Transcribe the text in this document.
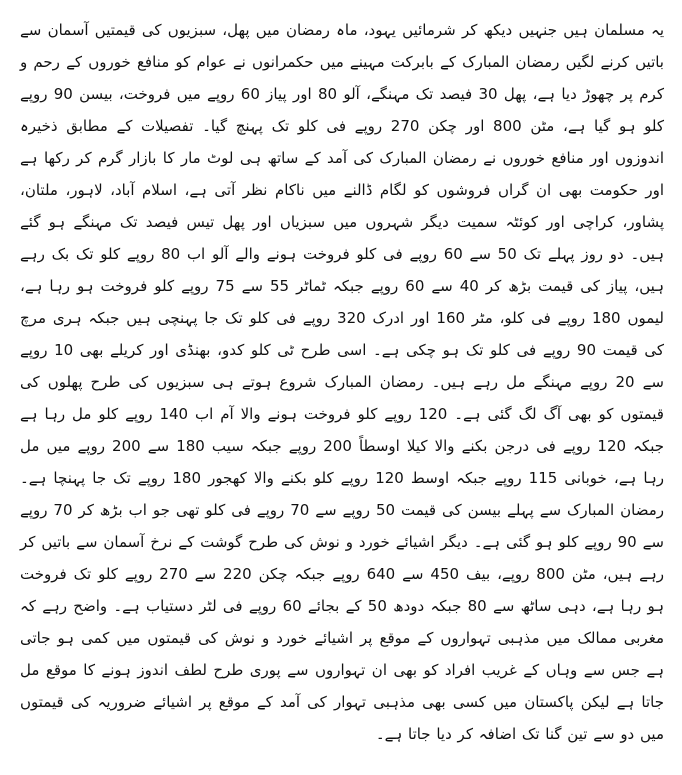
یہ مسلمان ہیں جنہیں دیکھ کر شرمائیں یہود، ماہ رمضان میں پھل، سبزیوں کی قیمتیں آسمان سے باتیں کرنے لگیں رمضان المبارک کے بابرکت مہینے میں حکمرانوں نے عوام کو منافع خوروں کے رحم و کرم پر چھوڑ دیا ہے، پھل 30 فیصد تک مہنگے، آلو 80 اور پیاز 60 روپے میں فروخت، بیسن 90 روپے کلو ہو گیا ہے، مٹن 800 اور چکن 270 روپے فی کلو تک پہنچ گیا۔ تفصیلات کے مطابق ذخیرہ اندوزوں اور منافع خوروں نے رمضان المبارک کی آمد کے ساتھ ہی لوٹ مار کا بازار گرم کر رکھا ہے اور حکومت بھی ان گراں فروشوں کو لگام ڈالنے میں ناکام نظر آتی ہے، اسلام آباد، لاہور، ملتان، پشاور، کراچی اور کوئٹہ سمیت دیگر شہروں میں سبزیاں اور پھل تیس فیصد تک مہنگے ہو گئے ہیں۔ دو روز پہلے تک 50 سے 60 روپے فی کلو فروخت ہونے والے آلو اب 80 روپے کلو تک بک رہے ہیں، پیاز کی قیمت بڑھ کر 40 سے 60 روپے جبکہ ٹماٹر 55 سے 75 روپے کلو فروخت ہو رہا ہے، لیموں 180 روپے فی کلو، مٹر 160 اور ادرک 320 روپے فی کلو تک جا پہنچی ہیں جبکہ ہری مرچ کی قیمت 90 روپے فی کلو تک ہو چکی ہے۔ اسی طرح ٹی کلو کدو، بھنڈی اور کریلے بھی 10 روپے سے 20 روپے مہنگے مل رہے ہیں۔ رمضان المبارک شروع ہوتے ہی سبزیوں کی طرح پھلوں کی قیمتوں کو بھی آگ لگ گئی ہے۔ 120 روپے کلو فروخت ہونے والا آم اب 140 روپے کلو مل رہا ہے جبکہ 120 روپے فی درجن بکنے والا کیلا اوسطاً 200 روپے جبکہ سیب 180 سے 200 روپے میں مل رہا ہے، خوبانی 115 روپے جبکہ اوسط 120 روپے کلو بکنے والا کھجور 180 روپے تک جا پہنچا ہے۔ رمضان المبارک سے پہلے بیسن کی قیمت 50 روپے سے 70 روپے فی کلو تھی جو اب بڑھ کر 70 روپے سے 90 روپے کلو ہو گئی ہے۔ دیگر اشیائے خورد و نوش کی طرح گوشت کے نرخ آسمان سے باتیں کر رہے ہیں، مٹن 800 روپے، بیف 450 سے 640 روپے جبکہ چکن 220 سے 270 روپے کلو تک فروخت ہو رہا ہے، دہی ساٹھ سے 80 جبکہ دودھ 50 کے بجائے 60 روپے فی لٹر دستیاب ہے۔ واضح رہے کہ مغربی ممالک میں مذہبی تہواروں کے موقع پر اشیائے خورد و نوش کی قیمتوں میں کمی ہو جاتی ہے جس سے وہاں کے غریب افراد کو بھی ان تہواروں سے پوری طرح لطف اندوز ہونے کا موقع مل جاتا ہے لیکن پاکستان میں کسی بھی مذہبی تہوار کی آمد کے موقع پر اشیائے ضروریہ کی قیمتوں میں دو سے تین گنا تک اضافہ کر دیا جاتا ہے۔
